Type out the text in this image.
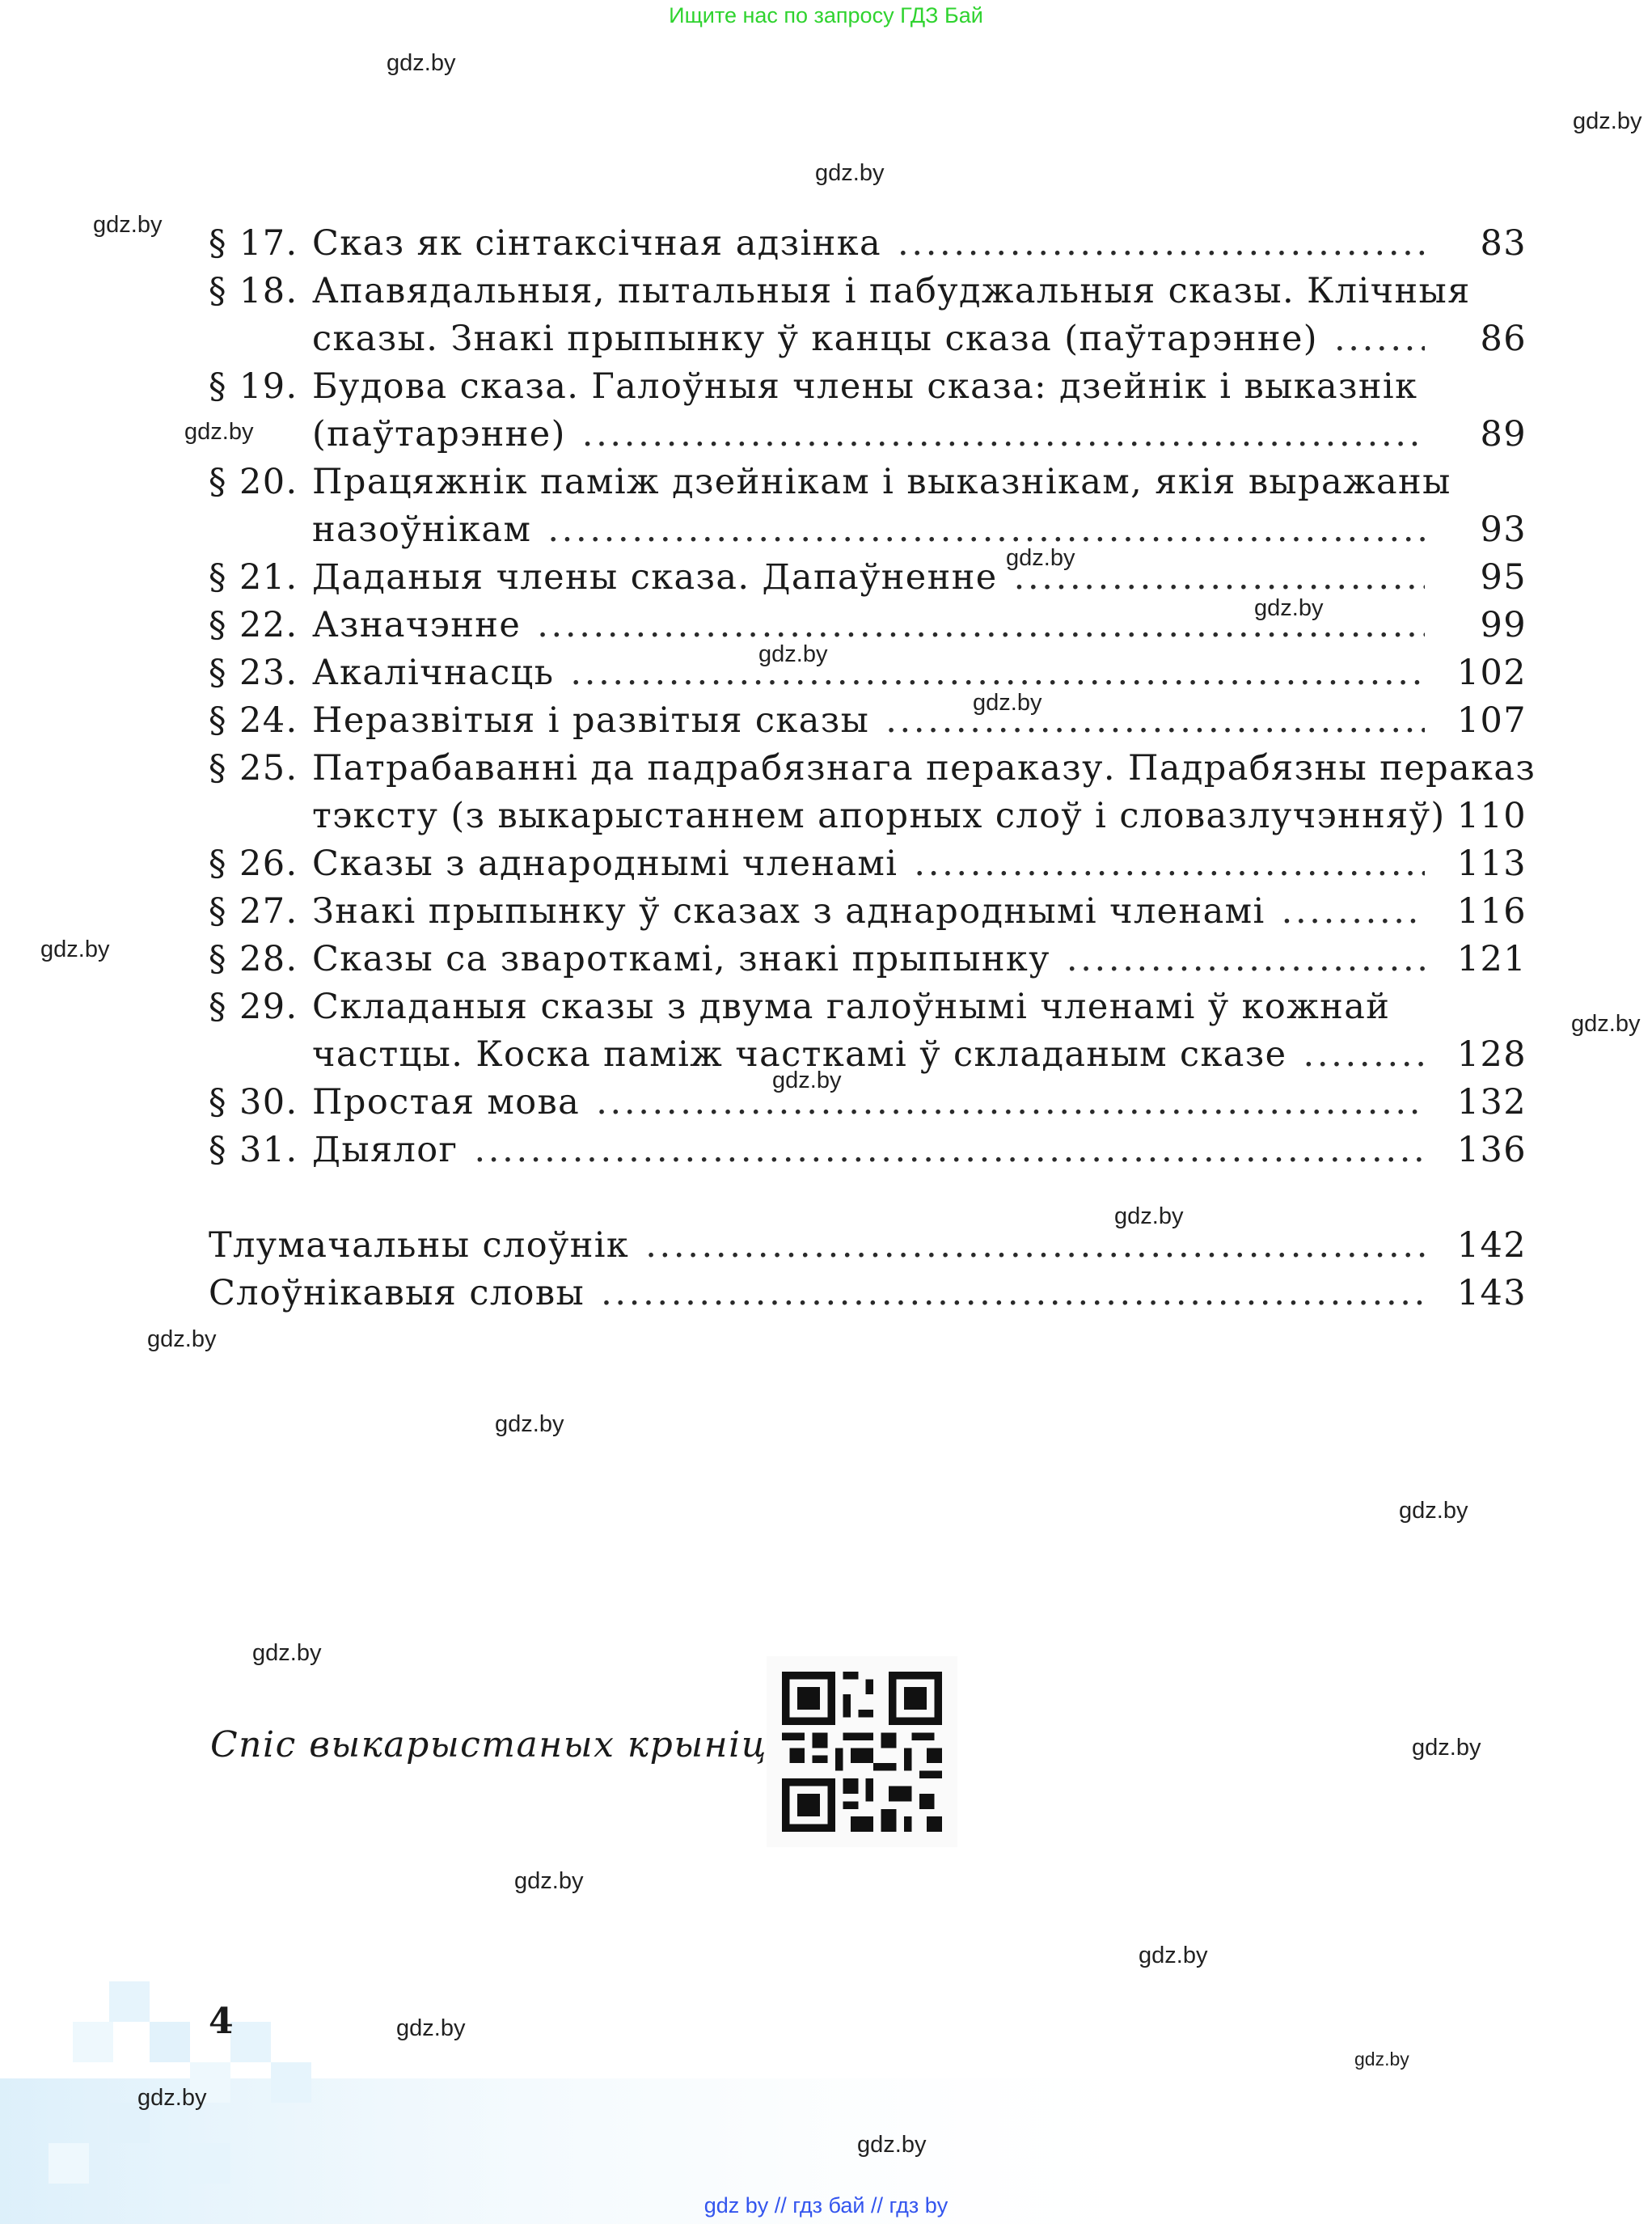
Ищите нас по запросу ГДЗ Бай
gdz.by
gdz.by
gdz.by
gdz.by
gdz.by
gdz.by
gdz.by
gdz.by
gdz.by
gdz.by
gdz.by
gdz.by
gdz.by
gdz.by
gdz.by
gdz.by
gdz.by
gdz.by
gdz.by
gdz.by
gdz.by
gdz.by
gdz.by
gdz.by
§ 17. Сказ як сінтаксічная адзінка . . .	83
§ 18. Апавядальныя, пытальныя і пабуджальныя сказы. Клічныя
сказы. Знакі прыпынку ў канцы сказа (паўтарэнне) . . .	86
§ 19. Будова сказа. Галоўныя члены сказа: дзейнік і выказнік
(паўтарэнне) . . .	89
§ 20. Працяжнік паміж дзейнікам і выказнікам, якія выражаны
назоўнікам . . .	93
§ 21. Даданыя члены сказа. Дапаўненне . . .	95
§ 22. Азначэнне . . .	99
§ 23. Акалічнасць . . .	102
§ 24. Неразвітыя і развітыя сказы . . .	107
§ 25. Патрабаванні да падрабязнага пераказу. Падрабязны пераказ
тэксту (з выкарыстаннем апорных слоў і словазлучэнняў) 110
§ 26. Сказы з аднароднымі членамі . . .	113
§ 27. Знакі прыпынку ў сказах з аднароднымі членамі . . .	116
§ 28. Сказы са звароткамі, знакі прыпынку . . .	121
§ 29. Складаныя сказы з двума галоўнымі членамі ў кожнай
частцы. Коска паміж часткамі ў складаным сказе . . .	128
§ 30. Простая мова . . .	132
§ 31. Дыялог . . .	136
Тлумачальны слоўнік . . .	142
Слоўнікавыя словы . . .	143
Спіс выкарыстаных крыніц
4
gdz by // гдз бай // гдз by
